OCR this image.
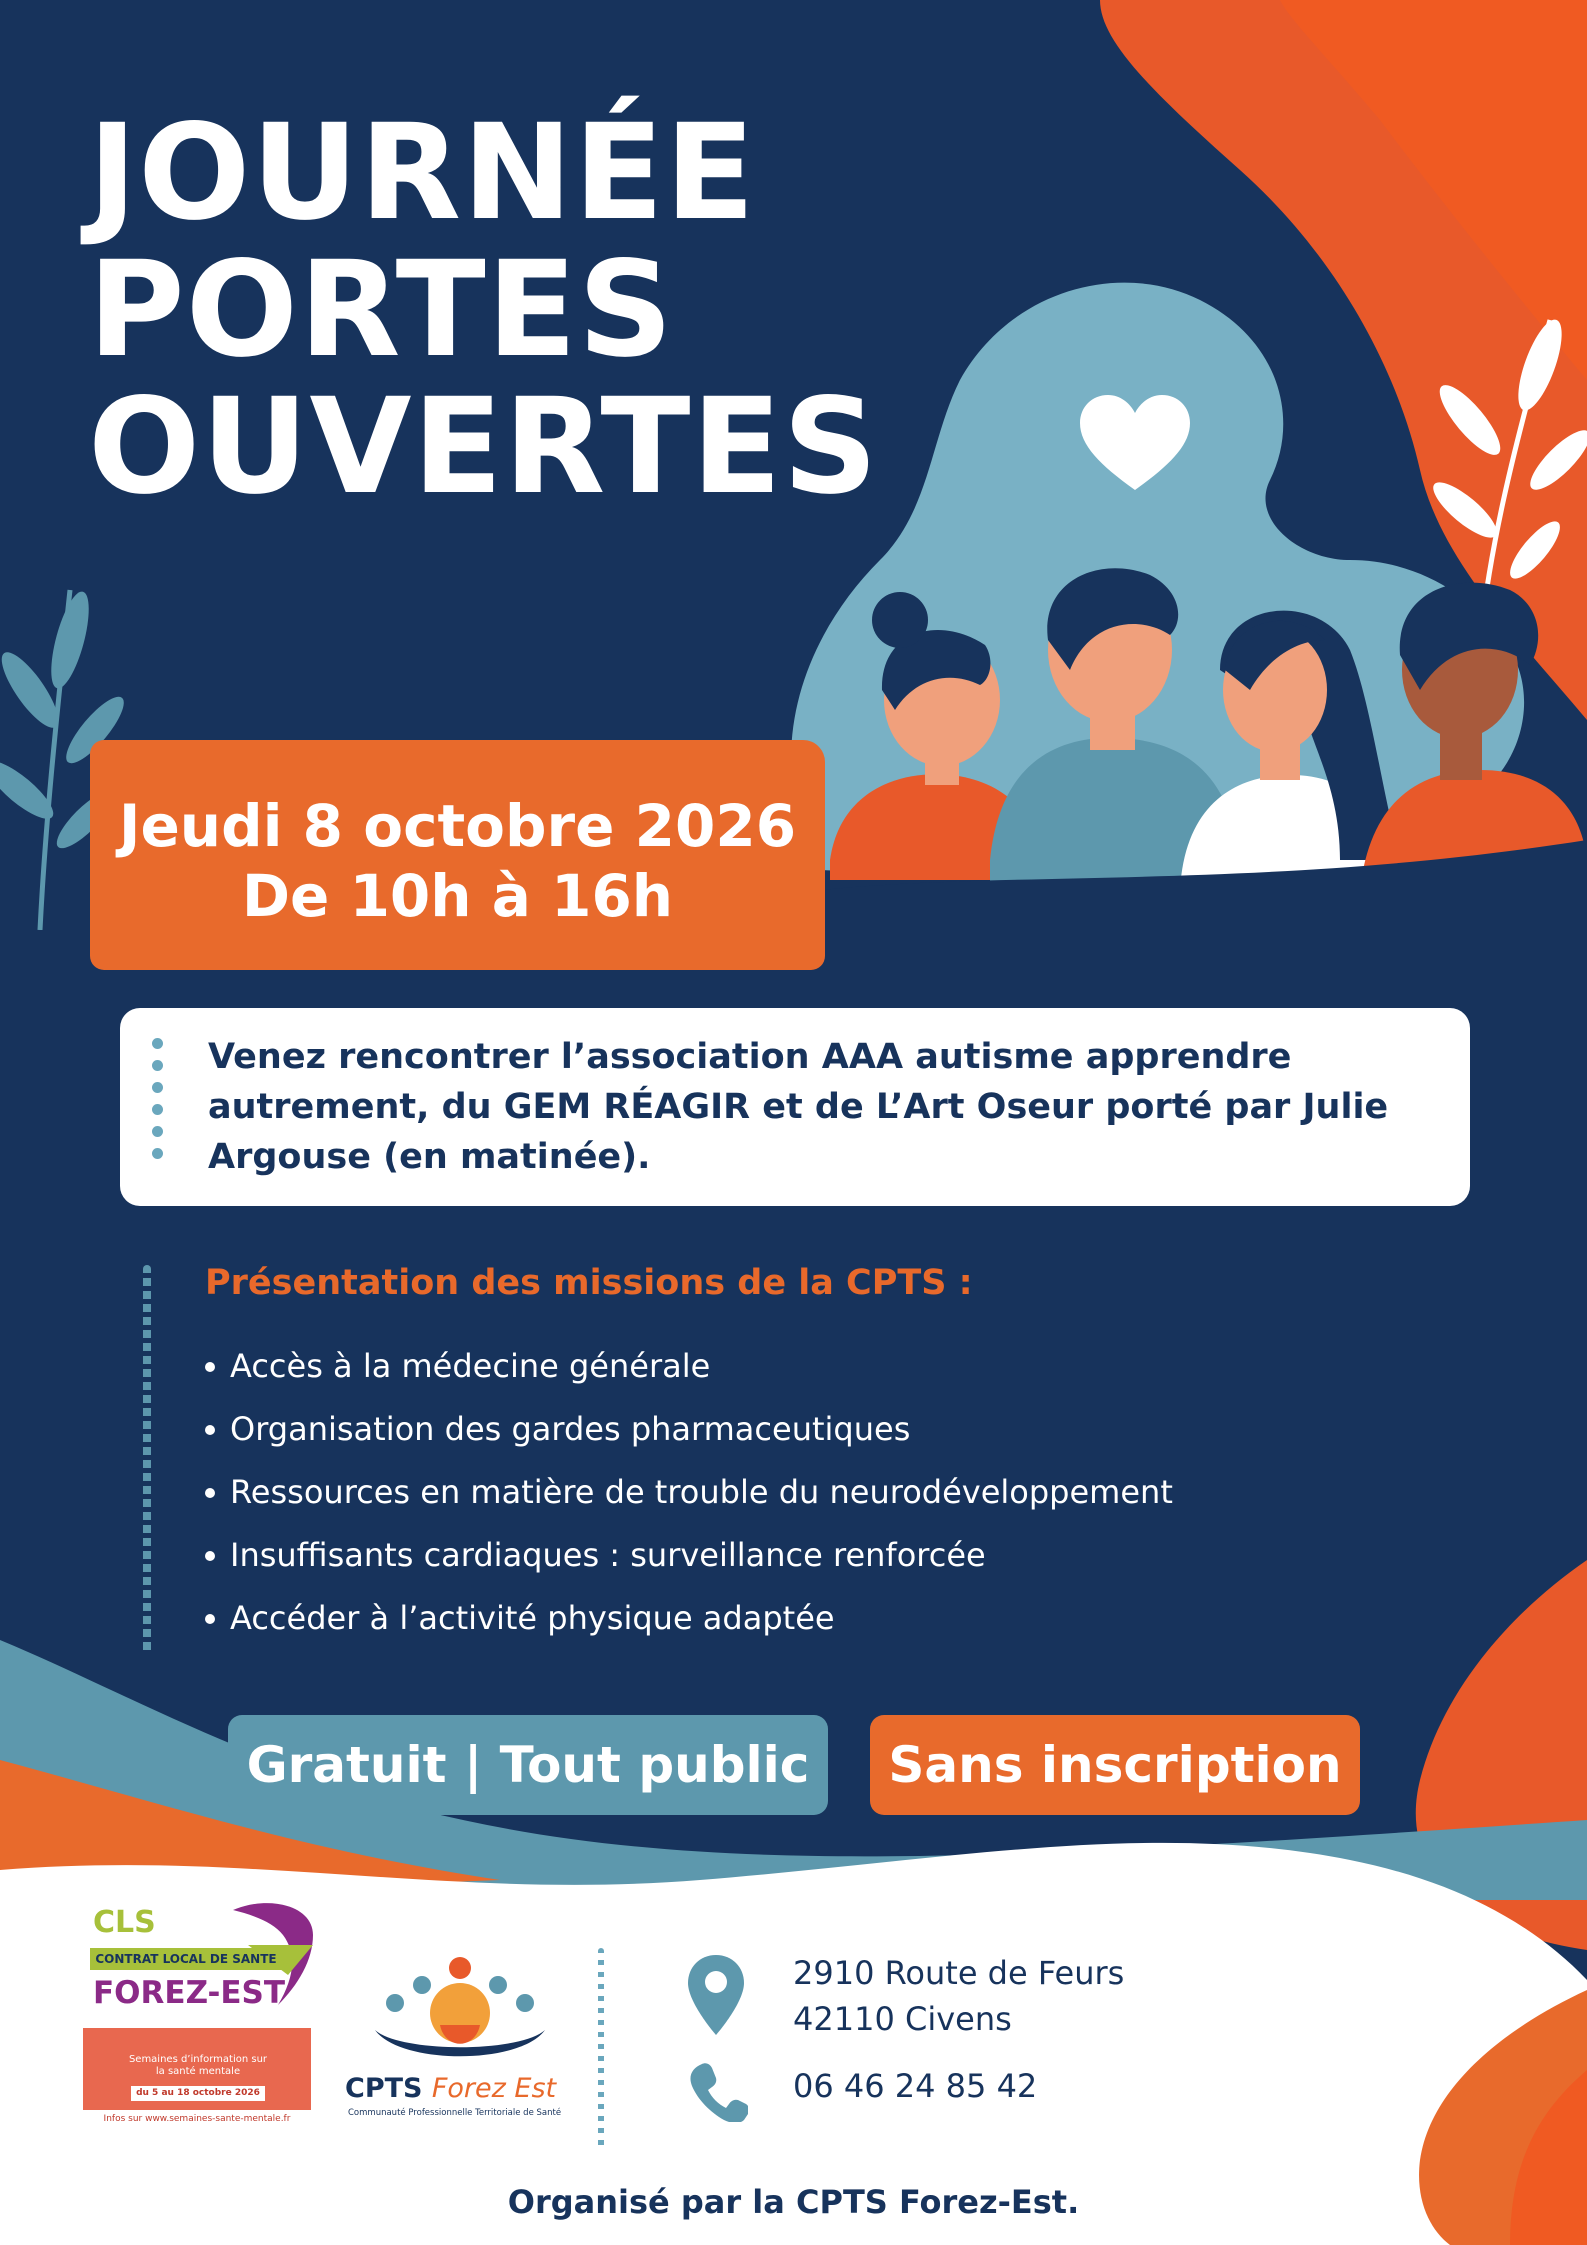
JOURNÉE
PORTES
OUVERTES
Jeudi 8 octobre 2026
De 10h à 16h
Venez rencontrer l’association AAA autisme apprendre autrement, du GEM RÉAGIR et de L’Art Oseur porté par Julie Argouse (en matinée).
Présentation des missions de la CPTS :
Accès à la médecine générale
Organisation des gardes pharmaceutiques
Ressources en matière de trouble du neurodéveloppement
Insuffisants cardiaques : surveillance renforcée
Accéder à l’activité physique adaptée
Gratuit | Tout public	Sans inscription
CLS
CONTRAT LOCAL DE SANTE
FOREZ-EST
Semaines d’information sur la santé mentale
du 5 au 18 octobre 2026
Infos sur www.semaines-sante-mentale.fr
CPTS Forez Est
Communauté Professionnelle Territoriale de Santé
2910 Route de Feurs
42110 Civens
06 46 24 85 42
Organisé par la CPTS Forez-Est.
